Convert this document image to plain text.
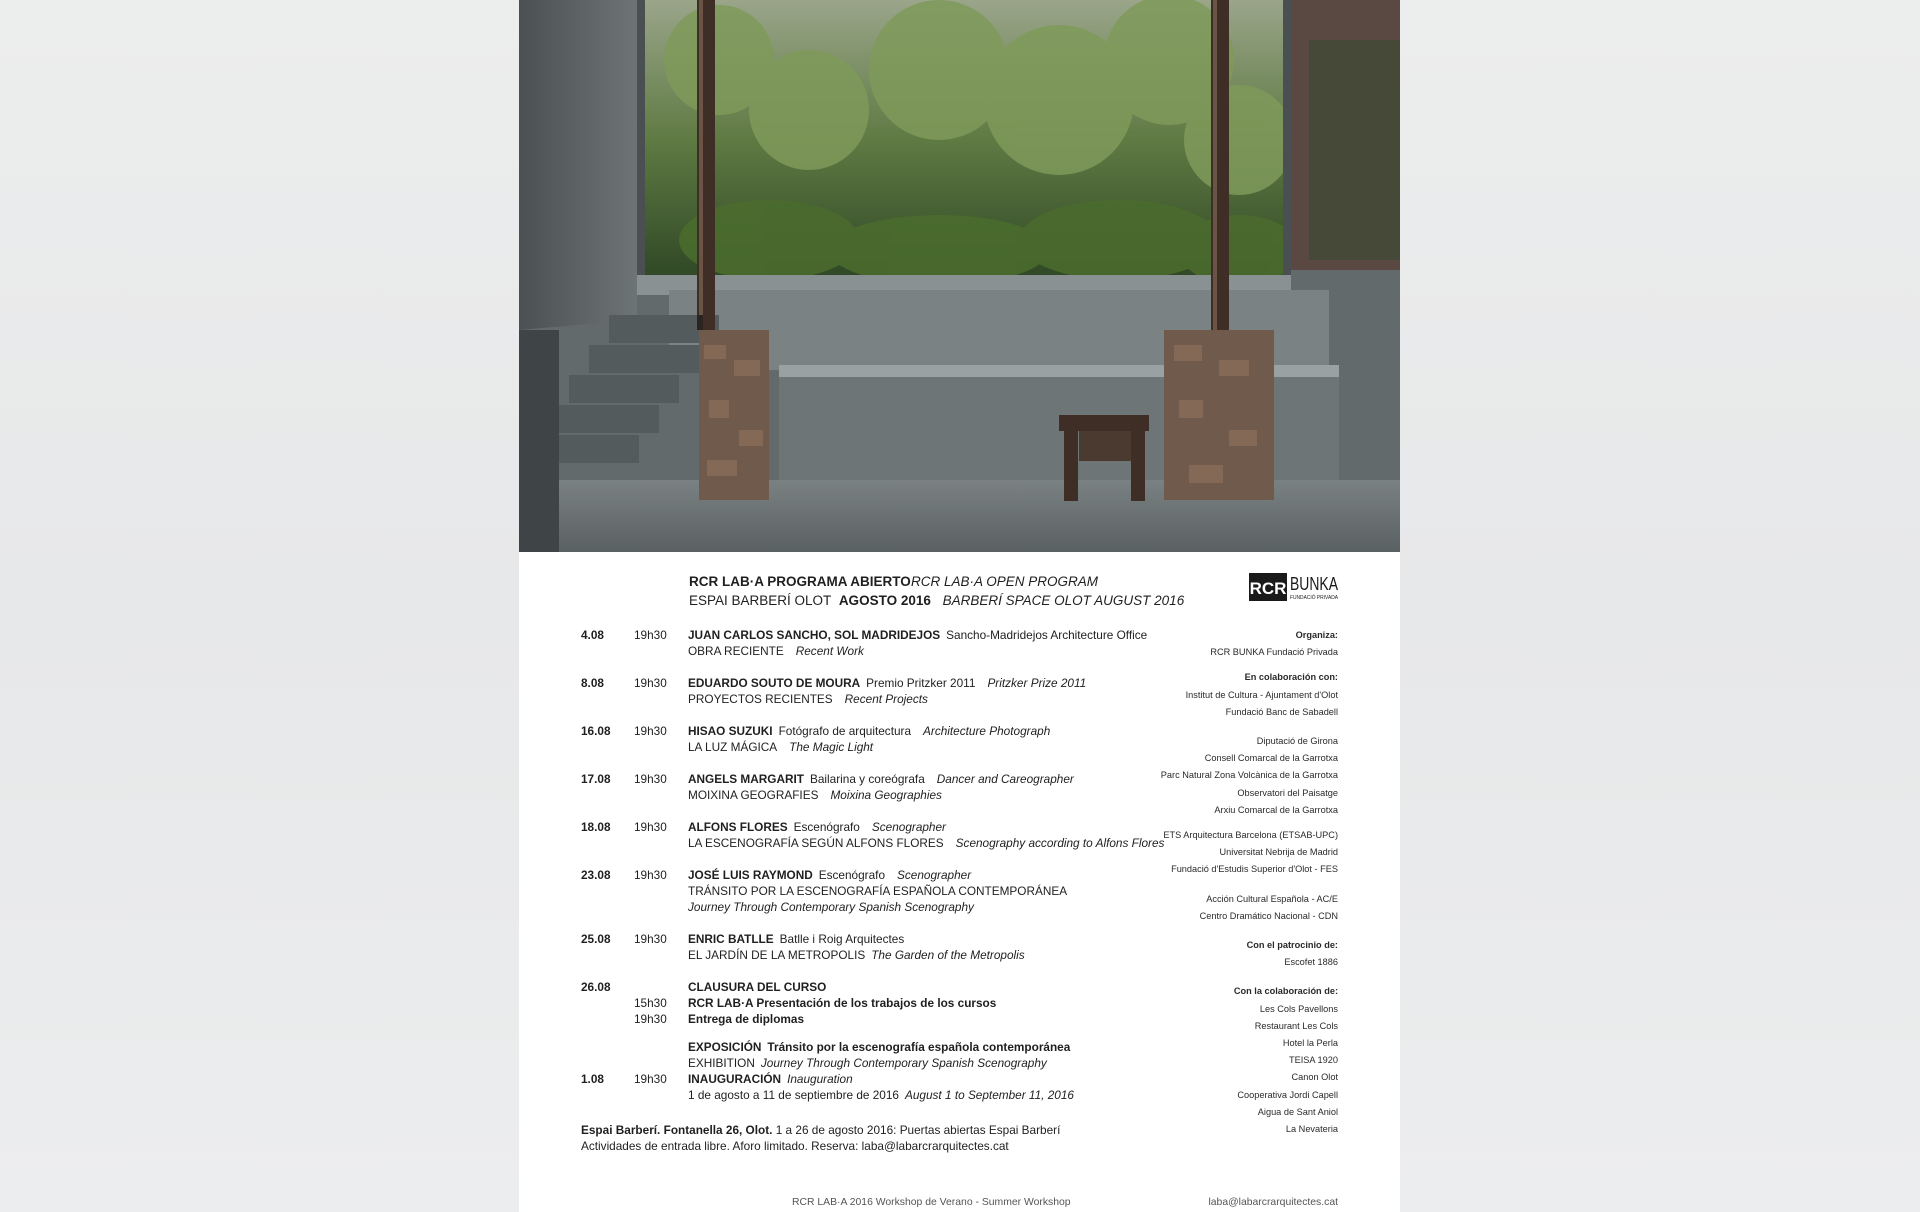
RCR LAB·A PROGRAMA ABIERTORCR LAB·A OPEN PROGRAM
ESPAI BARBERÍ OLOT AGOSTO 2016 BARBERÍ SPACE OLOT AUGUST 2016
RCR BUNKA
FUNDACIÓ PRIVADA
4.08	19h30	JUAN CARLOS SANCHO, SOL MADRIDEJOS Sancho-Madridejos Architecture Office
OBRA RECIENTE Recent Work
8.08	19h30	EDUARDO SOUTO DE MOURA Premio Pritzker 2011 Pritzker Prize 2011
PROYECTOS RECIENTES Recent Projects
16.08	19h30	HISAO SUZUKI Fotógrafo de arquitectura Architecture Photograph
LA LUZ MÁGICA The Magic Light
17.08	19h30	ANGELS MARGARIT Bailarina y coreógrafa Dancer and Careographer
MOIXINA GEOGRAFIES Moixina Geographies
18.08	19h30	ALFONS FLORES Escenógrafo Scenographer
LA ESCENOGRAFÍA SEGÚN ALFONS FLORES Scenography according to Alfons Flores
23.08	19h30	JOSÉ LUIS RAYMOND Escenógrafo Scenographer
TRÁNSITO POR LA ESCENOGRAFÍA ESPAÑOLA CONTEMPORÁNEA
Journey Through Contemporary Spanish Scenography
25.08	19h30	ENRIC BATLLE Batlle i Roig Arquitectes
EL JARDÍN DE LA METROPOLIS The Garden of the Metropolis
26.08	CLAUSURA DEL CURSO
15h30 RCR LAB·A Presentación de los trabajos de los cursos
19h30 Entrega de diplomas
EXPOSICIÓN Tránsito por la escenografía española contemporánea
EXHIBITION Journey Through Contemporary Spanish Scenography
1.08	19h30 INAUGURACIÓN Inauguration
1 de agosto a 11 de septiembre de 2016 August 1 to September 11, 2016
Espai Barberí. Fontanella 26, Olot. 1 a 26 de agosto 2016: Puertas abiertas Espai Barberí
Actividades de entrada libre. Aforo limitado. Reserva: laba@labarcrarquitectes.cat
Organiza:
RCR BUNKA Fundació Privada
En colaboración con:
Institut de Cultura - Ajuntament d'Olot
Fundació Banc de Sabadell
Diputació de Girona
Consell Comarcal de la Garrotxa
Parc Natural Zona Volcànica de la Garrotxa
Observatori del Paisatge
Arxiu Comarcal de la Garrotxa
ETS Arquitectura Barcelona (ETSAB-UPC)
Universitat Nebrija de Madrid
Fundació d'Estudis Superior d'Olot - FES
Acción Cultural Española - AC/E
Centro Dramático Nacional - CDN
Con el patrocinio de:
Escofet 1886
Con la colaboración de:
Les Cols Pavellons
Restaurant Les Cols
Hotel la Perla
TEISA 1920
Canon Olot
Cooperativa Jordi Capell
Aigua de Sant Aniol
La Nevateria
RCR LAB·A 2016 Workshop de Verano - Summer Workshop	laba@labarcrarquitectes.cat
